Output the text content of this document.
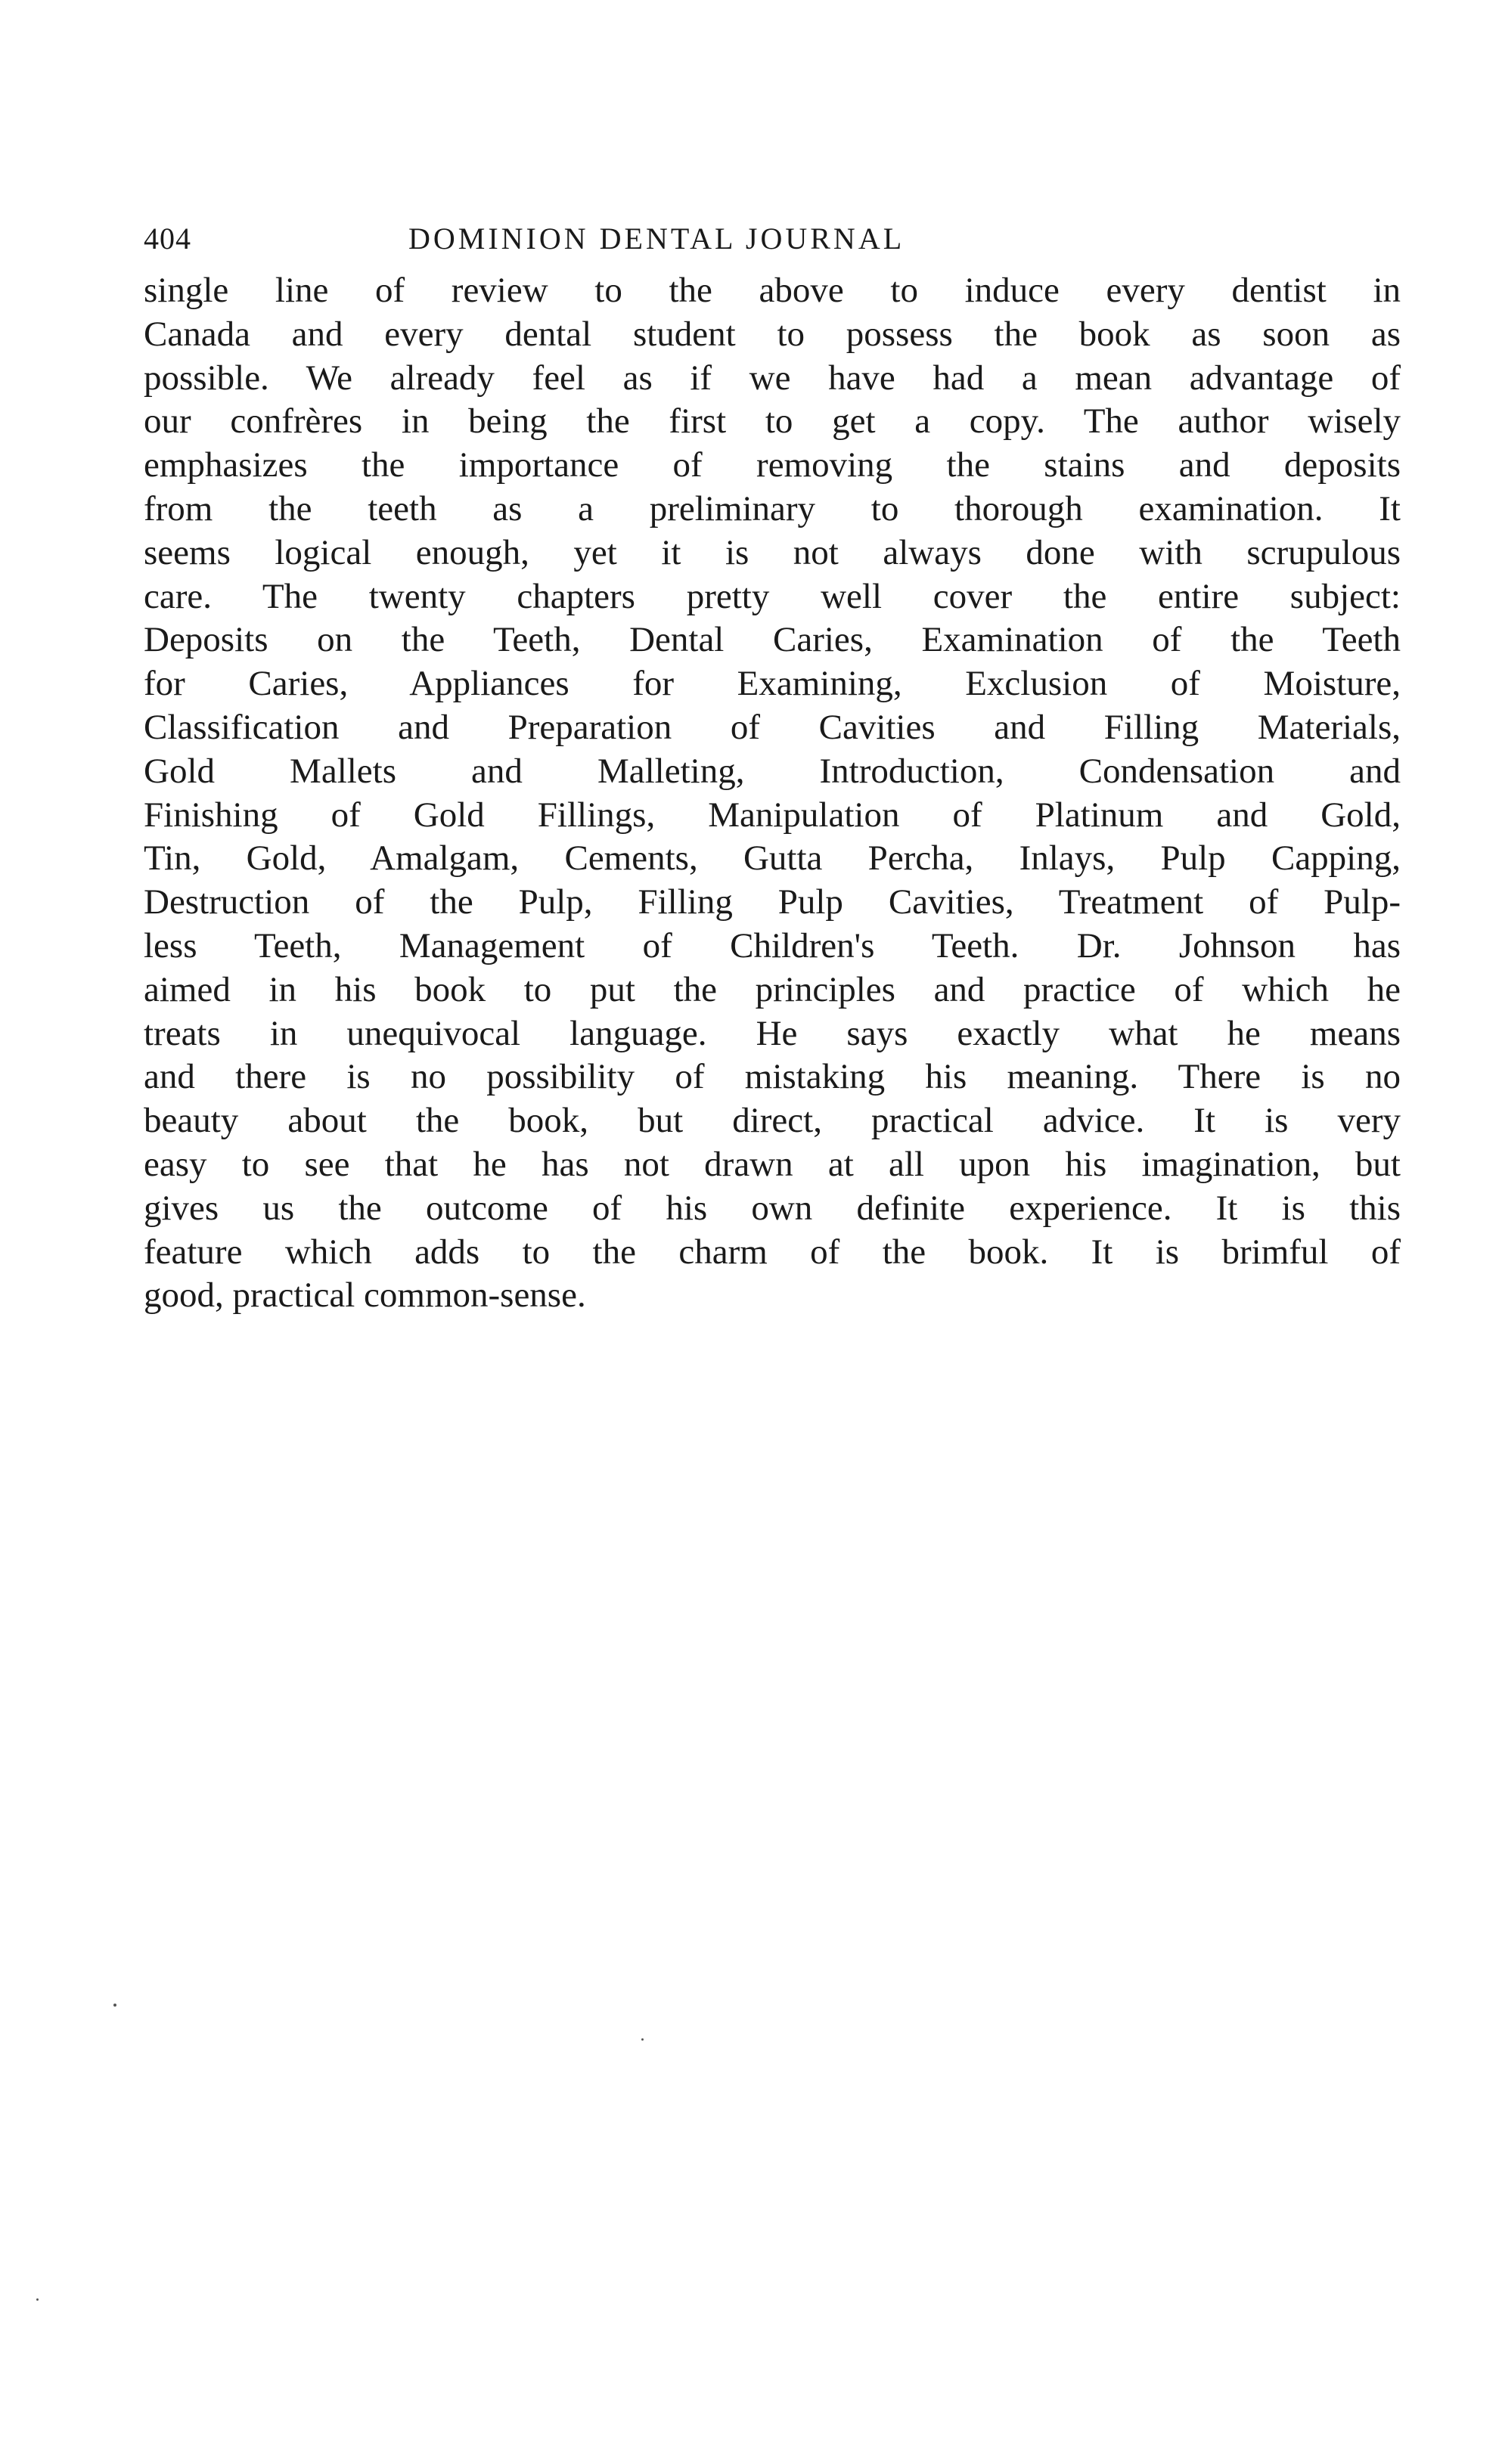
404	DOMINION DENTAL JOURNAL
single line of review to the above to induce every dentist in
Canada and every dental student to possess the book as soon as
possible. We already feel as if we have had a mean advantage of
our confrères in being the first to get a copy. The author wisely
emphasizes the importance of removing the stains and deposits
from the teeth as a preliminary to thorough examination. It
seems logical enough, yet it is not always done with scrupulous
care. The twenty chapters pretty well cover the entire subject:
Deposits on the Teeth, Dental Caries, Examination of the Teeth
for Caries, Appliances for Examining, Exclusion of Moisture,
Classification and Preparation of Cavities and Filling Materials,
Gold Mallets and Malleting, Introduction, Condensation and
Finishing of Gold Fillings, Manipulation of Platinum and Gold,
Tin, Gold, Amalgam, Cements, Gutta Percha, Inlays, Pulp Capping,
Destruction of the Pulp, Filling Pulp Cavities, Treatment of Pulp-
less Teeth, Management of Children's Teeth. Dr. Johnson has
aimed in his book to put the principles and practice of which he
treats in unequivocal language. He says exactly what he means
and there is no possibility of mistaking his meaning. There is no
beauty about the book, but direct, practical advice. It is very
easy to see that he has not drawn at all upon his imagination, but
gives us the outcome of his own definite experience. It is this
feature which adds to the charm of the book. It is brimful of
good, practical common-sense.
